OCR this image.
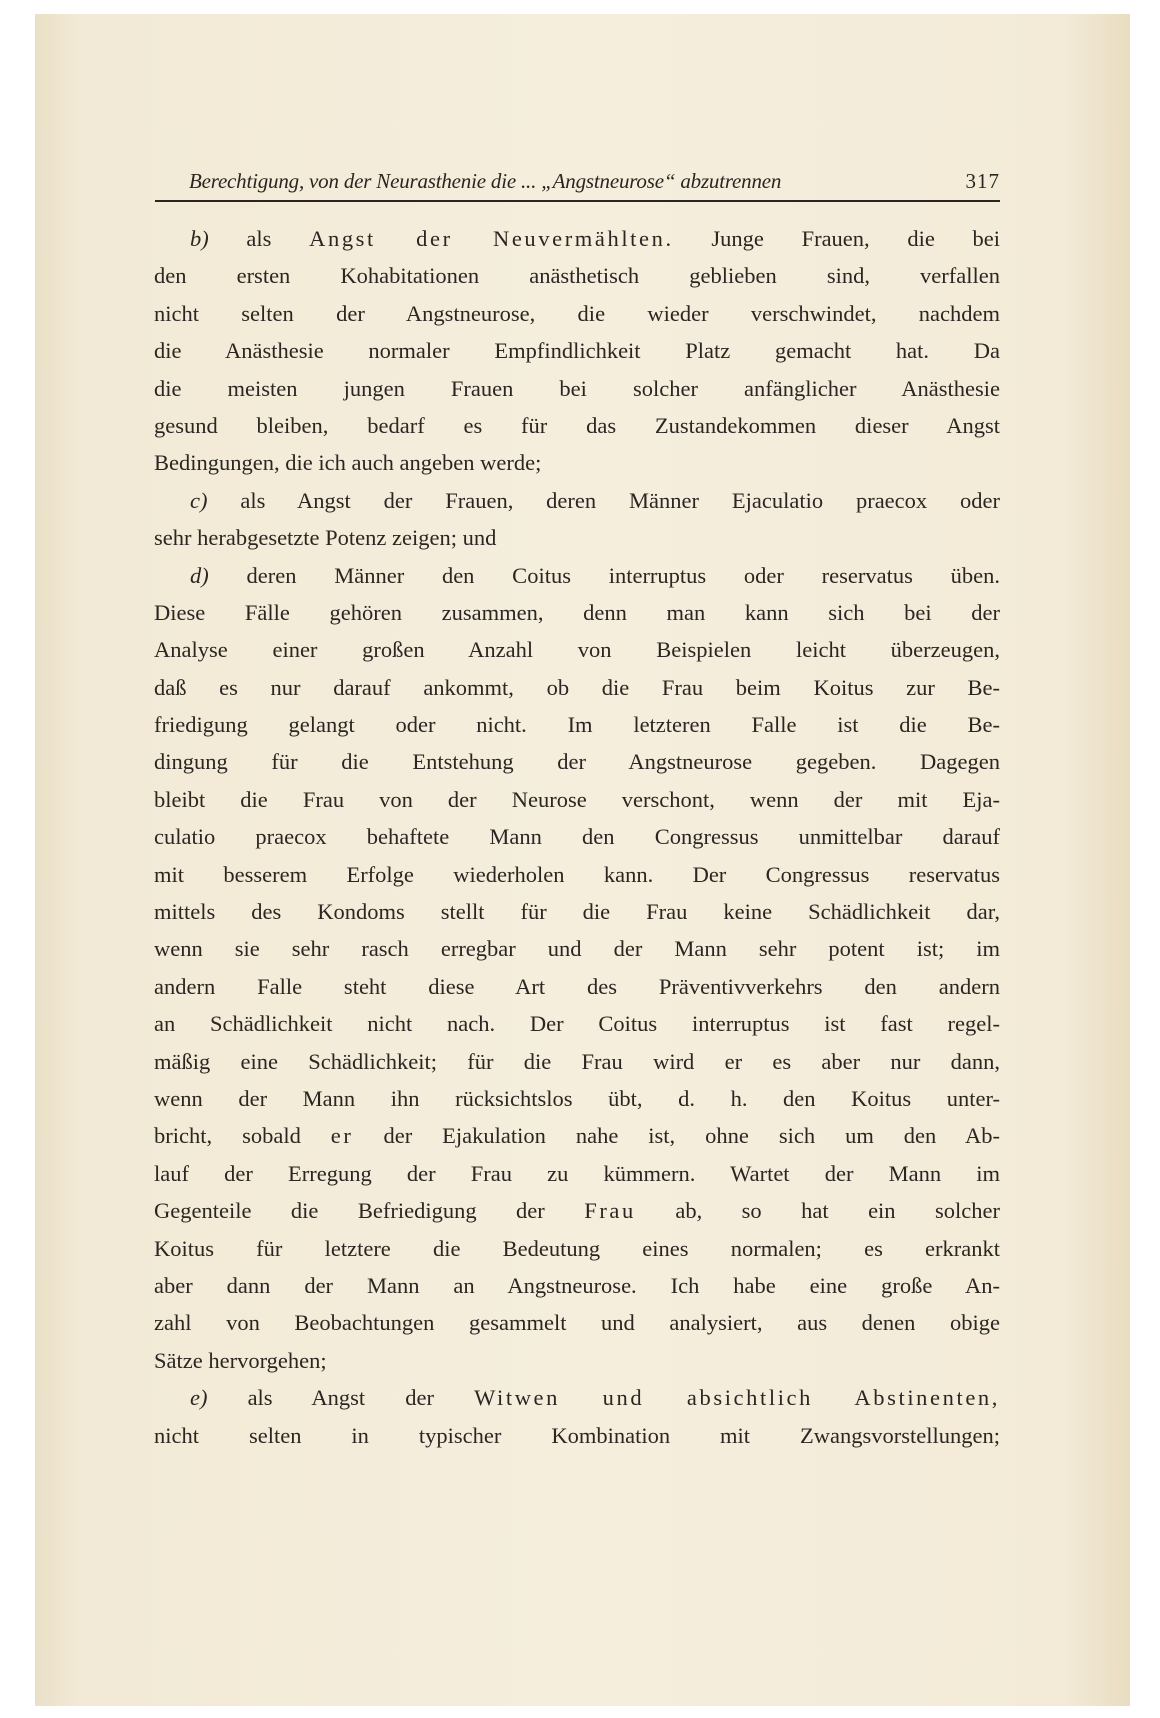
Berechtigung, von der Neurasthenie die ... „Angstneurose“ abzutrennen	317
b) als Angst der Neuvermählten. Junge Frauen, die bei
den ersten Kohabitationen anästhetisch geblieben sind, verfallen
nicht selten der Angstneurose, die wieder verschwindet, nachdem
die Anästhesie normaler Empfindlichkeit Platz gemacht hat. Da
die meisten jungen Frauen bei solcher anfänglicher Anästhesie
gesund bleiben, bedarf es für das Zustandekommen dieser Angst
Bedingungen, die ich auch angeben werde;
c) als Angst der Frauen, deren Männer Ejaculatio praecox oder
sehr herabgesetzte Potenz zeigen; und
d) deren Männer den Coitus interruptus oder reservatus üben.
Diese Fälle gehören zusammen, denn man kann sich bei der
Analyse einer großen Anzahl von Beispielen leicht überzeugen,
daß es nur darauf ankommt, ob die Frau beim Koitus zur Be-
friedigung gelangt oder nicht. Im letzteren Falle ist die Be-
dingung für die Entstehung der Angstneurose gegeben. Dagegen
bleibt die Frau von der Neurose verschont, wenn der mit Eja-
culatio praecox behaftete Mann den Congressus unmittelbar darauf
mit besserem Erfolge wiederholen kann. Der Congressus reservatus
mittels des Kondoms stellt für die Frau keine Schädlichkeit dar,
wenn sie sehr rasch erregbar und der Mann sehr potent ist; im
andern Falle steht diese Art des Präventivverkehrs den andern
an Schädlichkeit nicht nach. Der Coitus interruptus ist fast regel-
mäßig eine Schädlichkeit; für die Frau wird er es aber nur dann,
wenn der Mann ihn rücksichtslos übt, d. h. den Koitus unter-
bricht, sobald er der Ejakulation nahe ist, ohne sich um den Ab-
lauf der Erregung der Frau zu kümmern. Wartet der Mann im
Gegenteile die Befriedigung der Frau ab, so hat ein solcher
Koitus für letztere die Bedeutung eines normalen; es erkrankt
aber dann der Mann an Angstneurose. Ich habe eine große An-
zahl von Beobachtungen gesammelt und analysiert, aus denen obige
Sätze hervorgehen;
e) als Angst der Witwen und absichtlich Abstinenten,
nicht selten in typischer Kombination mit Zwangsvorstellungen;
